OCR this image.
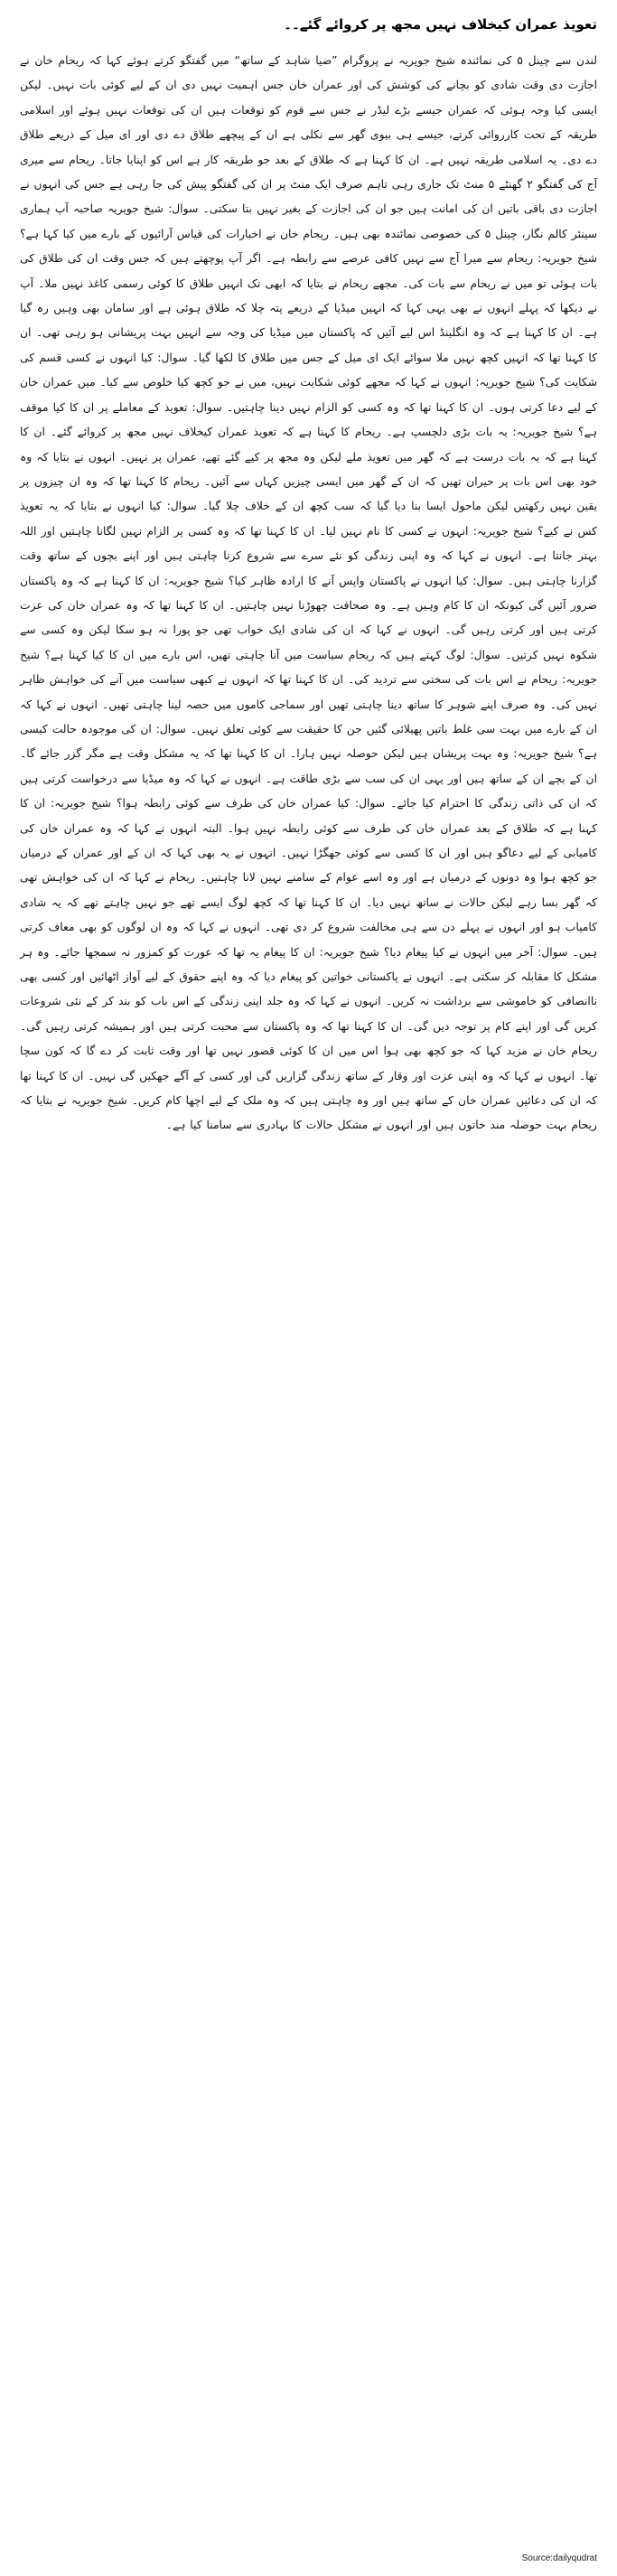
تعویذ عمران کیخلاف نہیں مجھ پر کروائے گئے۔۔

لندن سے چینل ۵ کی نمائندہ شیخ جویریہ نے پروگرام ”ضیا شاہد کے ساتھ“ میں گفتگو کرتے ہوئے کہا کہ ریحام خان نے اجازت دی وقت شادی کو بچانے کی کوشش کی اور عمران خان جس اہمیت نہیں دی ان کے لیے کوئی بات نہیں۔ لیکن ایسی کیا وجہ ہوئی کہ عمران جیسے بڑے لیڈر نے جس سے قوم کو توقعات ہیں ان کی توقعات نہیں ہوئے اور اسلامی طریقہ کے تحت کارروائی کرتے، جیسے ہی بیوی گھر سے نکلی ہے ان کے پیچھے طلاق دے دی اور ای میل کے ذریعے طلاق دے دی۔ یہ اسلامی طریقہ نہیں ہے۔ ان کا کہنا ہے کہ طلاق کے بعد جو طریقہ کار ہے اس کو اپنایا جاتا۔ ریحام سے میری آج کی گفتگو ۲ گھنٹے ۵ منٹ تک جاری رہی تاہم صرف ایک منٹ پر ان کی گفتگو پیش کی جا رہی ہے جس کی انہوں نے اجازت دی باقی باتیں ان کی امانت ہیں جو ان کی اجازت کے بغیر نہیں بتا سکتی۔ سوال: شیخ جویریہ صاحبہ آپ ہماری سینئر کالم نگار، چینل ۵ کی خصوصی نمائندہ بھی ہیں۔ ریحام خان نے اخبارات کی قیاس آرائیوں کے بارے میں کیا کہا ہے؟ شیخ جویریہ: ریحام سے میرا آج سے نہیں کافی عرصے سے رابطہ ہے۔ اگر آپ پوچھتے ہیں کہ جس وقت ان کی طلاق کی بات ہوئی تو میں نے ریحام سے بات کی۔ مجھے ریحام نے بتایا کہ ابھی تک انہیں طلاق کا کوئی رسمی کاغذ نہیں ملا۔ آپ نے دیکھا کہ پہلے انہوں نے بھی یہی کہا کہ انہیں میڈیا کے ذریعے پتہ چلا کہ طلاق ہوئی ہے اور سامان بھی وہیں رہ گیا ہے۔ ان کا کہنا ہے کہ وہ انگلینڈ اس لیے آئیں کہ پاکستان میں میڈیا کی وجہ سے انہیں بہت پریشانی ہو رہی تھی۔ ان کا کہنا تھا کہ انہیں کچھ نہیں ملا سوائے ایک ای میل کے جس میں طلاق کا لکھا گیا۔ سوال: کیا انہوں نے کسی قسم کی شکایت کی؟ شیخ جویریہ: انہوں نے کہا کہ مجھے کوئی شکایت نہیں، میں نے جو کچھ کیا خلوص سے کیا۔ میں عمران خان کے لیے دعا کرتی ہوں۔ ان کا کہنا تھا کہ وہ کسی کو الزام نہیں دینا چاہتیں۔ سوال: تعویذ کے معاملے پر ان کا کیا موقف ہے؟ شیخ جویریہ: یہ بات بڑی دلچسپ ہے۔ ریحام کا کہنا ہے کہ تعویذ عمران کیخلاف نہیں مجھ پر کروائے گئے۔ ان کا کہنا ہے کہ یہ بات درست ہے کہ گھر میں تعویذ ملے لیکن وہ مجھ پر کیے گئے تھے، عمران پر نہیں۔ انہوں نے بتایا کہ وہ خود بھی اس بات پر حیران تھیں کہ ان کے گھر میں ایسی چیزیں کہاں سے آئیں۔ ریحام کا کہنا تھا کہ وہ ان چیزوں پر یقین نہیں رکھتیں لیکن ماحول ایسا بنا دیا گیا کہ سب کچھ ان کے خلاف چلا گیا۔ سوال: کیا انہوں نے بتایا کہ یہ تعویذ کس نے کیے؟ شیخ جویریہ: انہوں نے کسی کا نام نہیں لیا۔ ان کا کہنا تھا کہ وہ کسی پر الزام نہیں لگانا چاہتیں اور اللہ بہتر جانتا ہے۔ انہوں نے کہا کہ وہ اپنی زندگی کو نئے سرے سے شروع کرنا چاہتی ہیں اور اپنے بچوں کے ساتھ وقت گزارنا چاہتی ہیں۔ سوال: کیا انہوں نے پاکستان واپس آنے کا ارادہ ظاہر کیا؟ شیخ جویریہ: ان کا کہنا ہے کہ وہ پاکستان ضرور آئیں گی کیونکہ ان کا کام وہیں ہے۔ وہ صحافت چھوڑنا نہیں چاہتیں۔ ان کا کہنا تھا کہ وہ عمران خان کی عزت کرتی ہیں اور کرتی رہیں گی۔ انہوں نے کہا کہ ان کی شادی ایک خواب تھی جو پورا نہ ہو سکا لیکن وہ کسی سے شکوہ نہیں کرتیں۔ سوال: لوگ کہتے ہیں کہ ریحام سیاست میں آنا چاہتی تھیں، اس بارے میں ان کا کیا کہنا ہے؟ شیخ جویریہ: ریحام نے اس بات کی سختی سے تردید کی۔ ان کا کہنا تھا کہ انہوں نے کبھی سیاست میں آنے کی خواہش ظاہر نہیں کی۔ وہ صرف اپنے شوہر کا ساتھ دینا چاہتی تھیں اور سماجی کاموں میں حصہ لینا چاہتی تھیں۔ انہوں نے کہا کہ ان کے بارے میں بہت سی غلط باتیں پھیلائی گئیں جن کا حقیقت سے کوئی تعلق نہیں۔ سوال: ان کی موجودہ حالت کیسی ہے؟ شیخ جویریہ: وہ بہت پریشان ہیں لیکن حوصلہ نہیں ہارا۔ ان کا کہنا تھا کہ یہ مشکل وقت ہے مگر گزر جائے گا۔ ان کے بچے ان کے ساتھ ہیں اور یہی ان کی سب سے بڑی طاقت ہے۔ انہوں نے کہا کہ وہ میڈیا سے درخواست کرتی ہیں کہ ان کی ذاتی زندگی کا احترام کیا جائے۔ سوال: کیا عمران خان کی طرف سے کوئی رابطہ ہوا؟ شیخ جویریہ: ان کا کہنا ہے کہ طلاق کے بعد عمران خان کی طرف سے کوئی رابطہ نہیں ہوا۔ البتہ انہوں نے کہا کہ وہ عمران خان کی کامیابی کے لیے دعاگو ہیں اور ان کا کسی سے کوئی جھگڑا نہیں۔ انہوں نے یہ بھی کہا کہ ان کے اور عمران کے درمیان جو کچھ ہوا وہ دونوں کے درمیان ہے اور وہ اسے عوام کے سامنے نہیں لانا چاہتیں۔ ریحام نے کہا کہ ان کی خواہش تھی کہ گھر بسا رہے لیکن حالات نے ساتھ نہیں دیا۔ ان کا کہنا تھا کہ کچھ لوگ ایسے تھے جو نہیں چاہتے تھے کہ یہ شادی کامیاب ہو اور انہوں نے پہلے دن سے ہی مخالفت شروع کر دی تھی۔ انہوں نے کہا کہ وہ ان لوگوں کو بھی معاف کرتی ہیں۔ سوال: آخر میں انہوں نے کیا پیغام دیا؟ شیخ جویریہ: ان کا پیغام یہ تھا کہ عورت کو کمزور نہ سمجھا جائے۔ وہ ہر مشکل کا مقابلہ کر سکتی ہے۔ انہوں نے پاکستانی خواتین کو پیغام دیا کہ وہ اپنے حقوق کے لیے آواز اٹھائیں اور کسی بھی ناانصافی کو خاموشی سے برداشت نہ کریں۔ انہوں نے کہا کہ وہ جلد اپنی زندگی کے اس باب کو بند کر کے نئی شروعات کریں گی اور اپنے کام پر توجہ دیں گی۔ ان کا کہنا تھا کہ وہ پاکستان سے محبت کرتی ہیں اور ہمیشہ کرتی رہیں گی۔ ریحام خان نے مزید کہا کہ جو کچھ بھی ہوا اس میں ان کا کوئی قصور نہیں تھا اور وقت ثابت کر دے گا کہ کون سچا تھا۔ انہوں نے کہا کہ وہ اپنی عزت اور وقار کے ساتھ زندگی گزاریں گی اور کسی کے آگے جھکیں گی نہیں۔ ان کا کہنا تھا کہ ان کی دعائیں عمران خان کے ساتھ ہیں اور وہ چاہتی ہیں کہ وہ ملک کے لیے اچھا کام کریں۔ شیخ جویریہ نے بتایا کہ ریحام بہت حوصلہ مند خاتون ہیں اور انہوں نے مشکل حالات کا بہادری سے سامنا کیا ہے۔

Source:dailyqudrat
